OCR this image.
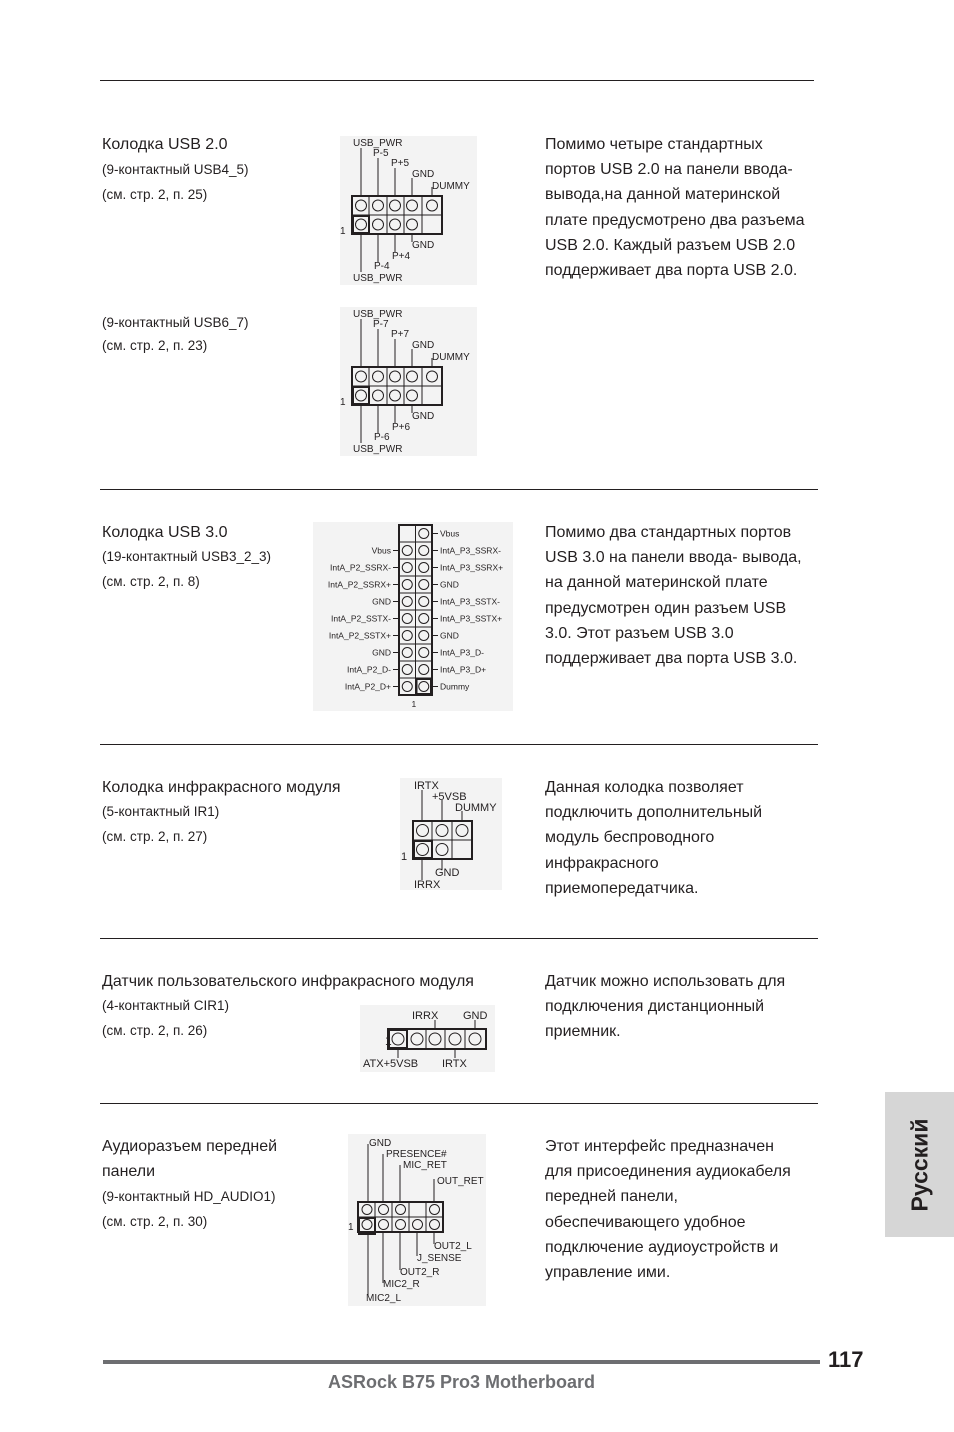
Колодка USB 2.0
(9-контактный USB4_5)
(см. стр. 2, п. 25)
(9-контактный USB6_7)
(см. стр. 2, п. 23)
Помимо четыре стандартных
портов USB 2.0 на панели ввода-
вывода,на данной материнской
плате предусмотрено два разъема
USB 2.0. Каждый разъем USB 2.0
поддерживает два порта USB 2.0.
USB_PWR
P-5
P+5
GND
DUMMY
GND
P+4
P-4
USB_PWR
1
USB_PWR
P-7
P+7
GND
DUMMY
GND
P+6
P-6
USB_PWR
1
Колодка USB 3.0
(19-контактный USB3_2_3)
(см. стр. 2, п. 8)
Помимо два стандартных портов
USB 3.0 на панели ввода- вывода,
на данной материнской плате
предусмотрен один разъем USB
3.0. Этот разъем USB 3.0
поддерживает два порта USB 3.0.
Vbus
IntA_P3_SSRX-
Vbus
IntA_P3_SSRX+
IntA_P2_SSRX-
GND
IntA_P2_SSRX+
IntA_P3_SSTX-
GND
IntA_P3_SSTX+
IntA_P2_SSTX-
GND
IntA_P2_SSTX+
IntA_P3_D-
GND
IntA_P3_D+
IntA_P2_D-
Dummy
IntA_P2_D+
1
Колодка инфракрасного модуля
(5-контактный IR1)
(см. стр. 2, п. 27)
Данная колодка позволяет
подключить дополнительный
модуль беспроводного
инфракрасного
приемопередатчика.
IRTX
+5VSB
DUMMY
GND
IRRX
1
Датчик пользовательского инфракрасного модуля
(4-контактный CIR1)
(см. стр. 2, п. 26)
Датчик можно использовать для
подключения дистанционный
приемник.
IRRX GND
ATX+5VSB IRTX
1
Аудиоразъем передней
панели
(9-контактный HD_AUDIO1)
(см. стр. 2, п. 30)
Этот интерфейс предназначен
для присоединения аудиокабеля
передней панели,
обеспечивающего удобное
подключение аудиоустройств и
управление ими.
GND
PRESENCE#
MIC_RET
OUT_RET
OUT2_L
J_SENSE
OUT2_R
MIC2_R
MIC2_L
1
Русский
117
ASRock B75 Pro3 Motherboard
